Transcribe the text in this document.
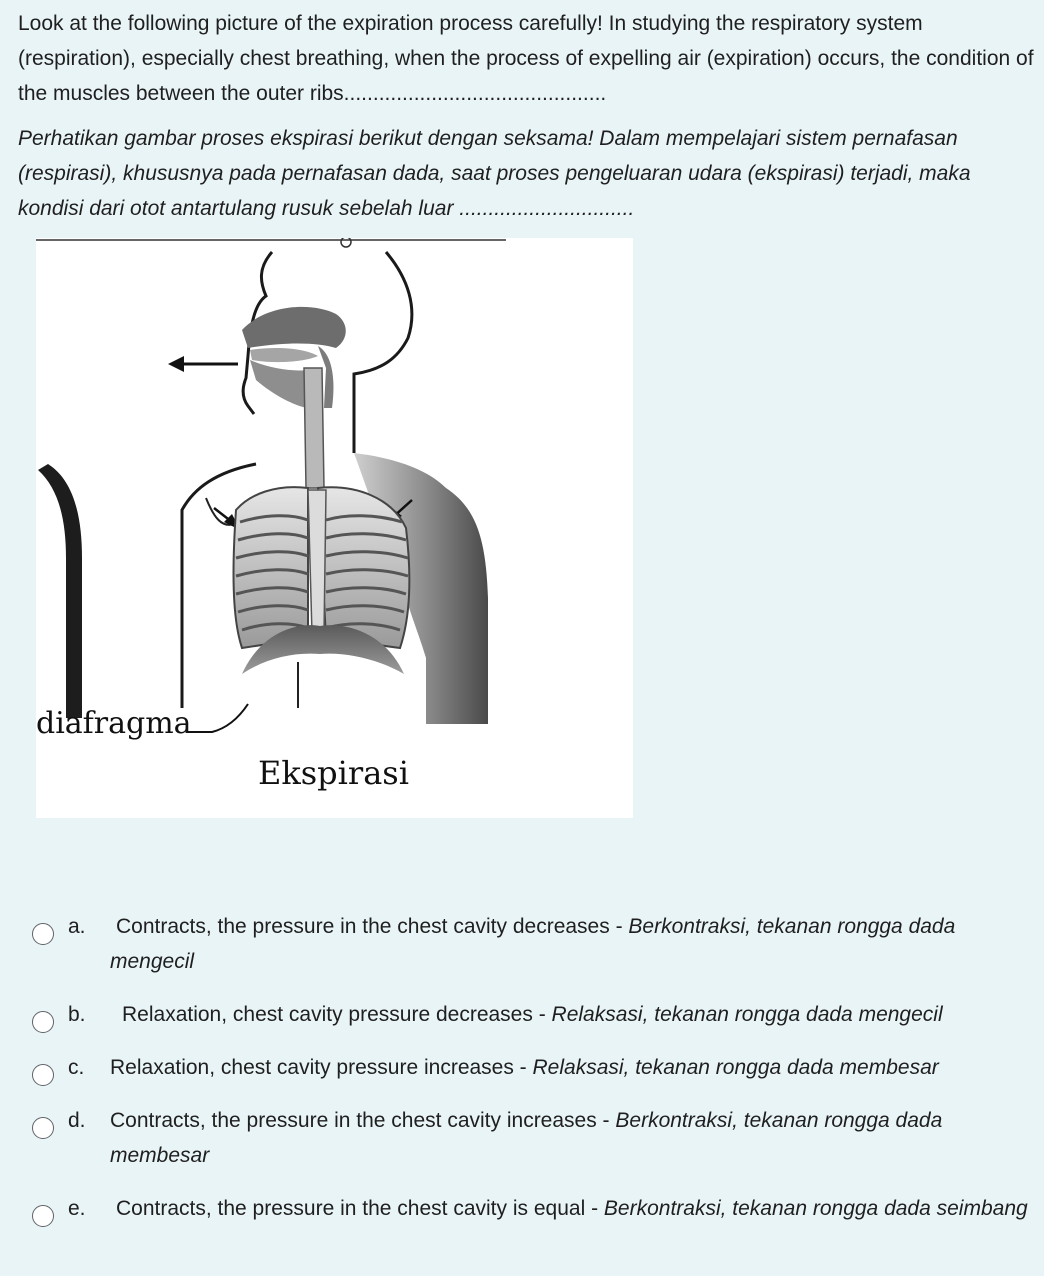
Look at the following picture of the expiration process carefully! In studying the respiratory system (respiration), especially chest breathing, when the process of expelling air (expiration) occurs, the condition of the muscles between the outer ribs.............................................
Perhatikan gambar proses ekspirasi berikut dengan seksama! Dalam mempelajari sistem pernafasan (respirasi), khususnya pada pernafasan dada, saat proses pengeluaran udara (ekspirasi) terjadi, maka kondisi dari otot antartulang rusuk sebelah luar ..............................
diafragma
Ekspirasi
a. Contracts, the pressure in the chest cavity decreases - Berkontraksi, tekanan rongga dada mengecil
b. Relaxation, chest cavity pressure decreases - Relaksasi, tekanan rongga dada mengecil
c. Relaxation, chest cavity pressure increases - Relaksasi, tekanan rongga dada membesar
d. Contracts, the pressure in the chest cavity increases - Berkontraksi, tekanan rongga dada membesar
e. Contracts, the pressure in the chest cavity is equal - Berkontraksi, tekanan rongga dada seimbang
